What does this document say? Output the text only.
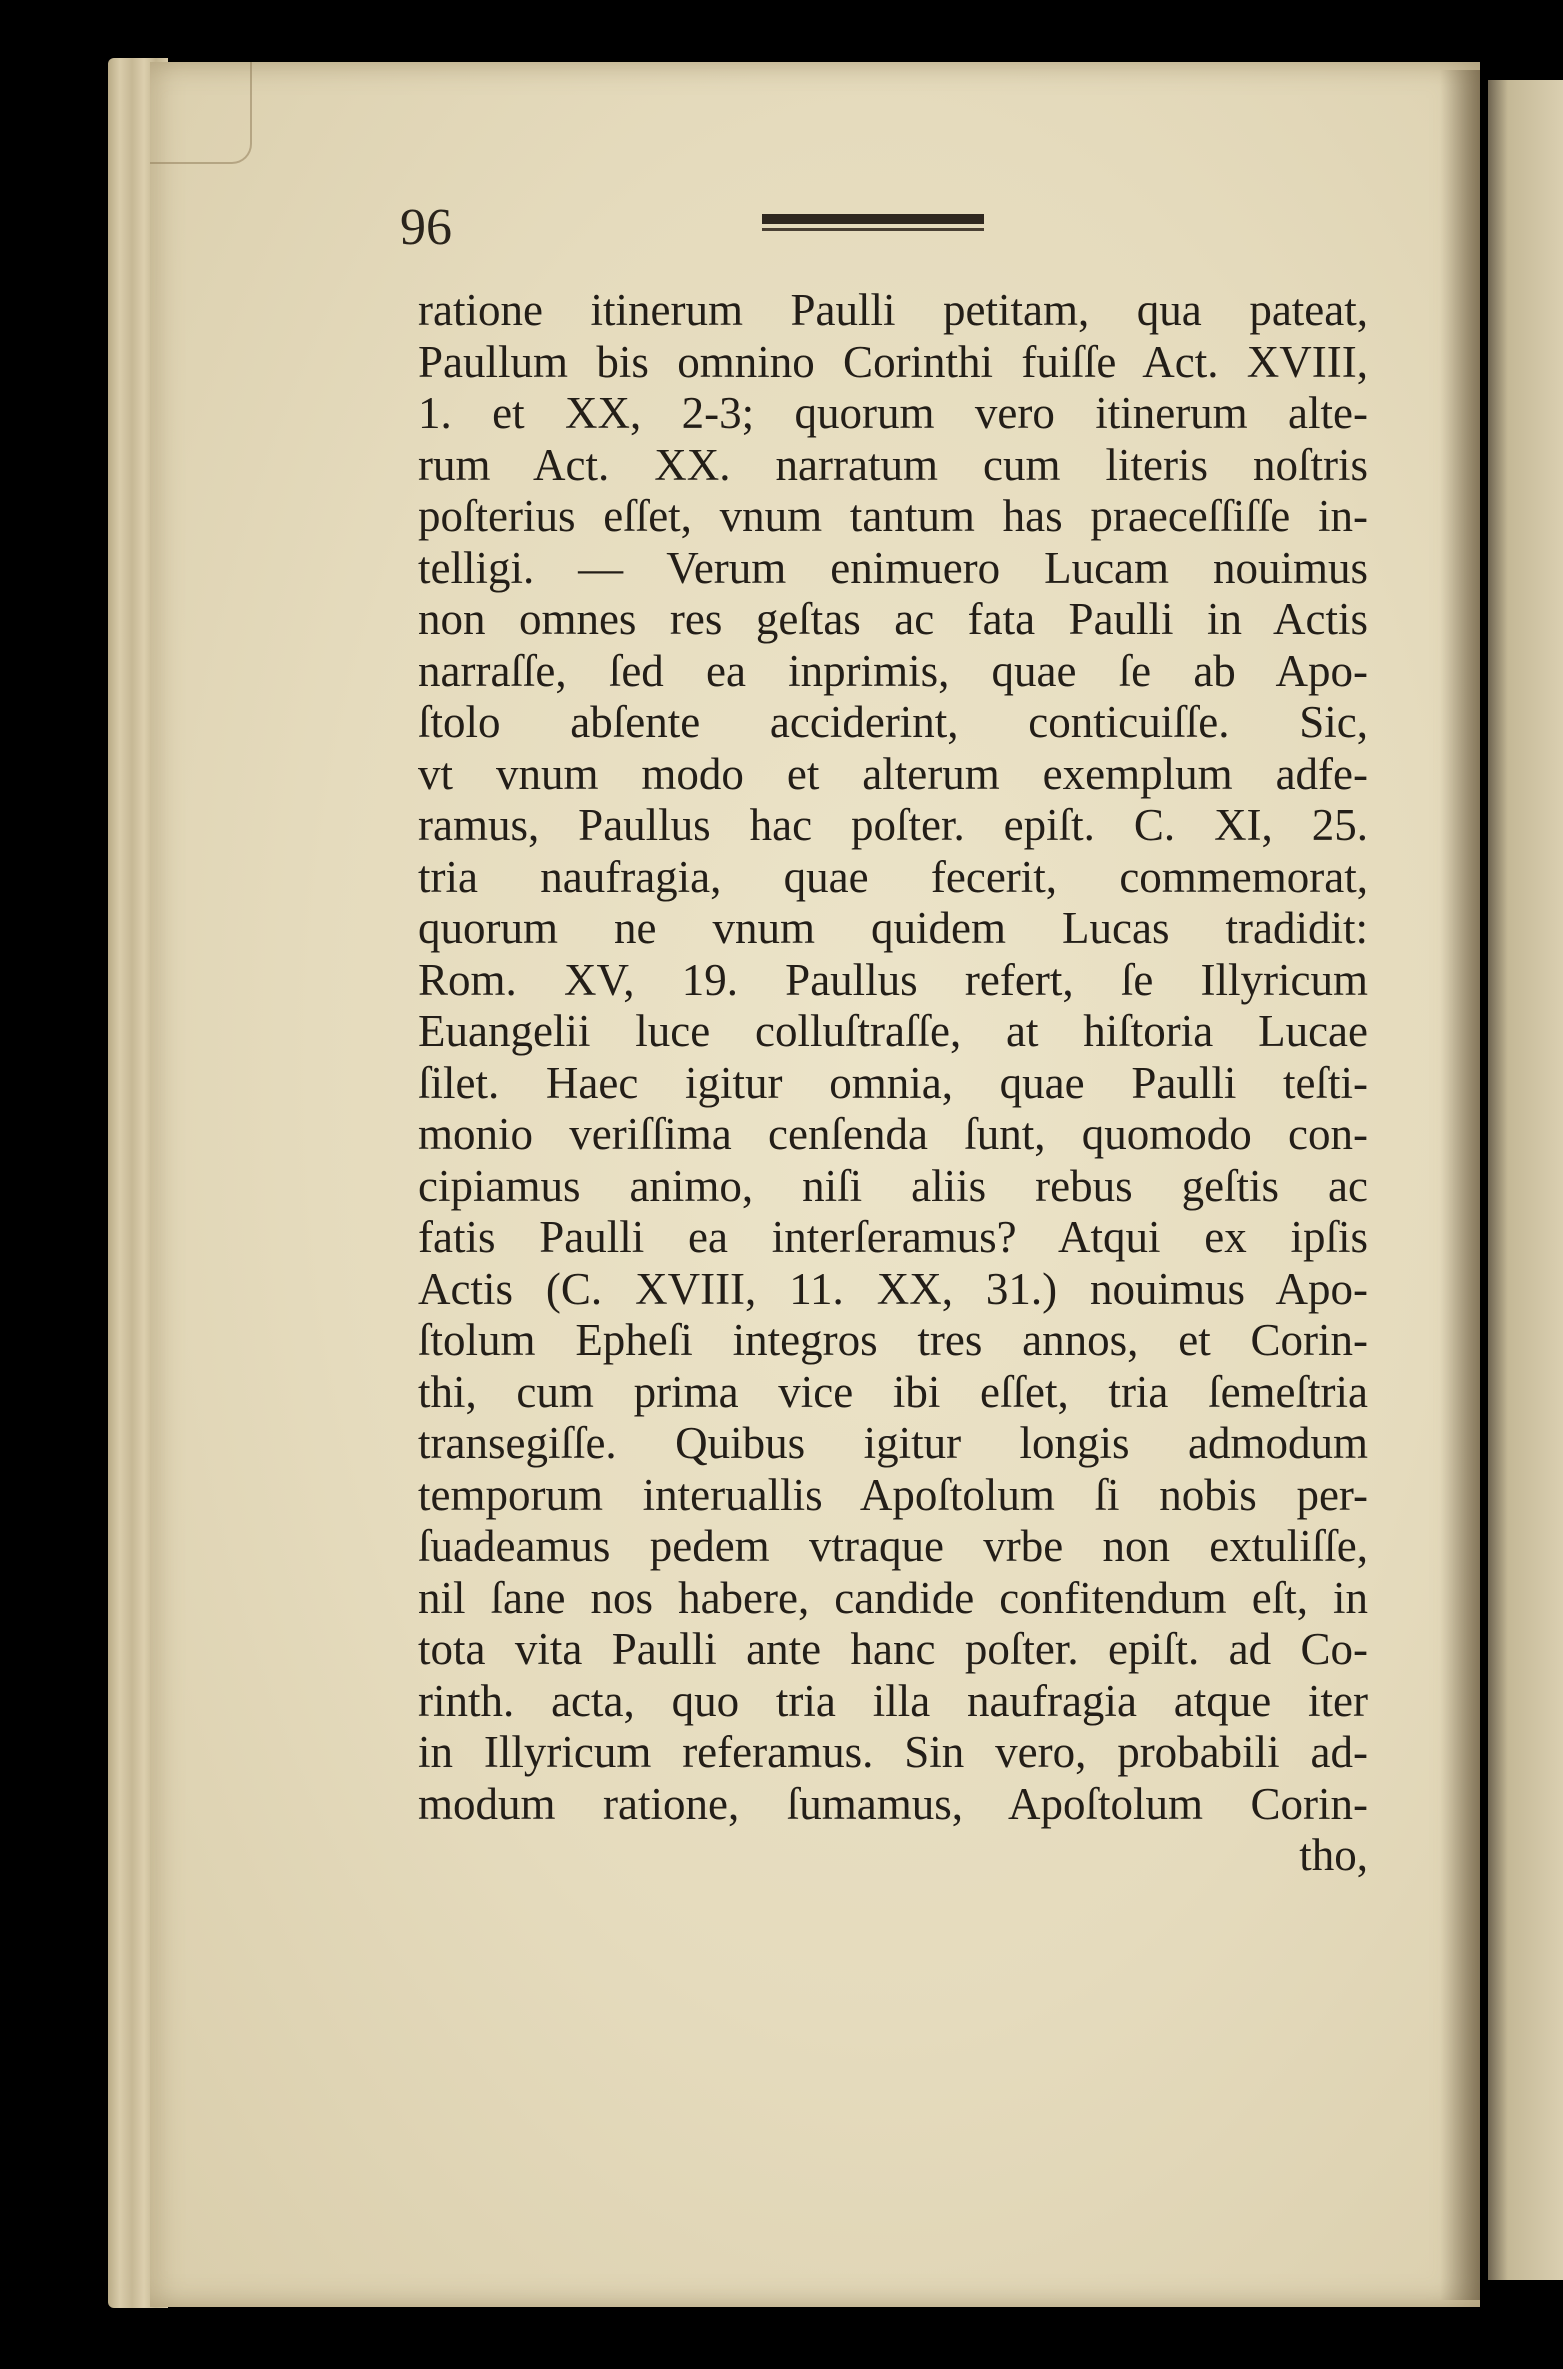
96

ratione itinerum Paulli petitam, qua pateat,
Paullum bis omnino Corinthi fuiſſe Act. XVIII,
1. et XX, 2-3; quorum vero itinerum alte-
rum Act. XX. narratum cum literis noſtris
poſterius eſſet, vnum tantum has praeceſſiſſe in-
telligi. — Verum enimuero Lucam nouimus
non omnes res geſtas ac fata Paulli in Actis
narraſſe, ſed ea inprimis, quae ſe ab Apo-
ſtolo abſente acciderint, conticuiſſe. Sic,
vt vnum modo et alterum exemplum adfe-
ramus, Paullus hac poſter. epiſt. C. XI, 25.
tria naufragia, quae fecerit, commemorat,
quorum ne vnum quidem Lucas tradidit:
Rom. XV, 19. Paullus refert, ſe Illyricum
Euangelii luce colluſtraſſe, at hiſtoria Lucae
ſilet. Haec igitur omnia, quae Paulli teſti-
monio veriſſima cenſenda ſunt, quomodo con-
cipiamus animo, niſi aliis rebus geſtis ac
fatis Paulli ea interſeramus? Atqui ex ipſis
Actis (C. XVIII, 11. XX, 31.) nouimus Apo-
ſtolum Epheſi integros tres annos, et Corin-
thi, cum prima vice ibi eſſet, tria ſemeſtria
transegiſſe. Quibus igitur longis admodum
temporum interuallis Apoſtolum ſi nobis per-
ſuadeamus pedem vtraque vrbe non extuliſſe,
nil ſane nos habere, candide confitendum eſt, in
tota vita Paulli ante hanc poſter. epiſt. ad Co-
rinth. acta, quo tria illa naufragia atque iter
in Illyricum referamus. Sin vero, probabili ad-
modum ratione, ſumamus, Apoſtolum Corin-
tho,
